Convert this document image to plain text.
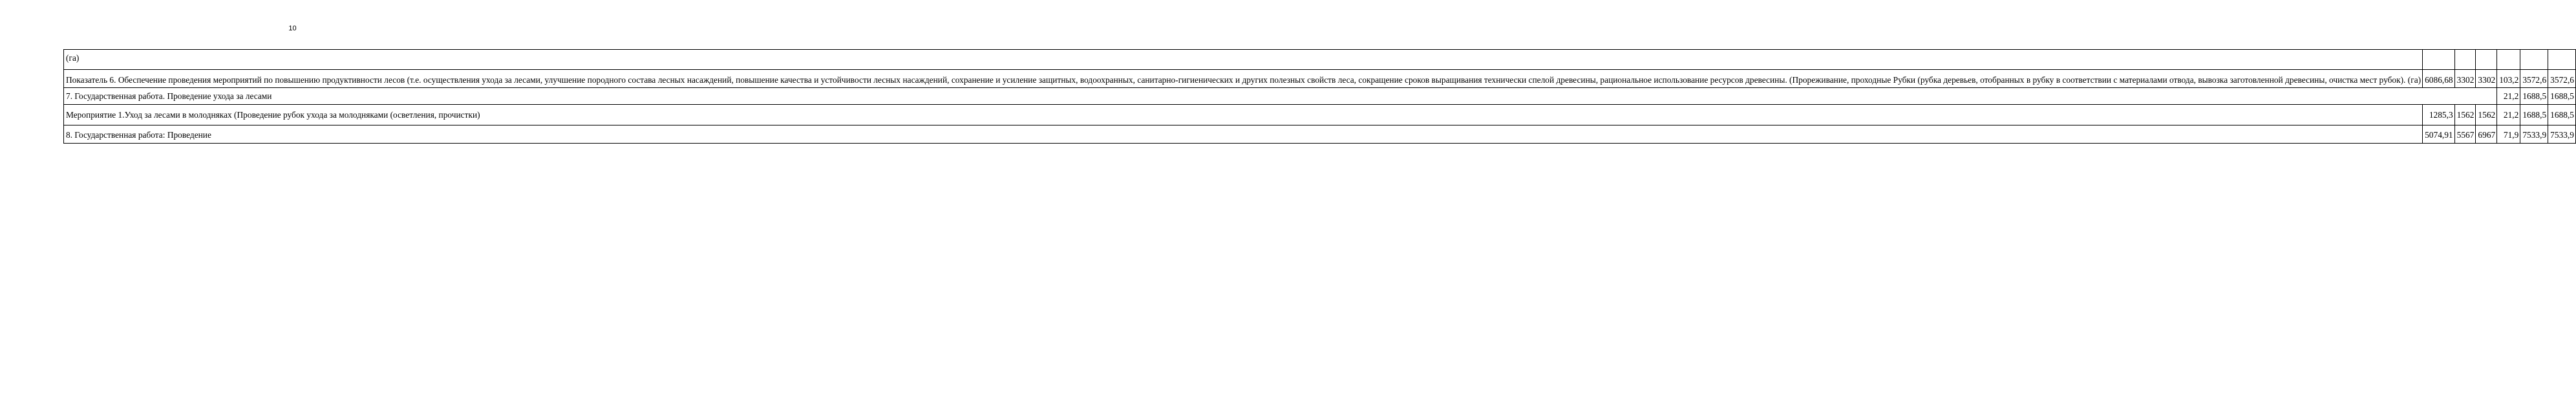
10
(га)						
Показатель 6. Обеспечение проведения мероприятий по повышению продуктивности лесов (т.е. осуществления ухода за лесами, улучшение породного состава лесных насаждений, повышение качества и устойчивости лесных насаждений, сохранение и усиление защитных, водоохранных, санитарно-гигиенических и других полезных свойств леса, сокращение сроков выращивания технически спелой древесины, рациональное использование ресурсов древесины. (Прореживание, проходные Рубки (рубка деревьев, отобранных в рубку в соответствии с материалами отвода, вывозка заготовленной древесины, очистка мест рубок). (га)	6086,68	3302	3302	103,2	3572,6	3572,6
7. Государственная работа. Проведение ухода за лесами				21,2	1688,5	1688,5
Мероприятие 1.Уход за лесами в молодняках (Проведение рубок ухода за молодняками (осветления, прочистки)	1285,3	1562	1562	21,2	1688,5	1688,5
8. Государственная работа: Проведение	5074,91	5567	6967	71,9	7533,9	7533,9
